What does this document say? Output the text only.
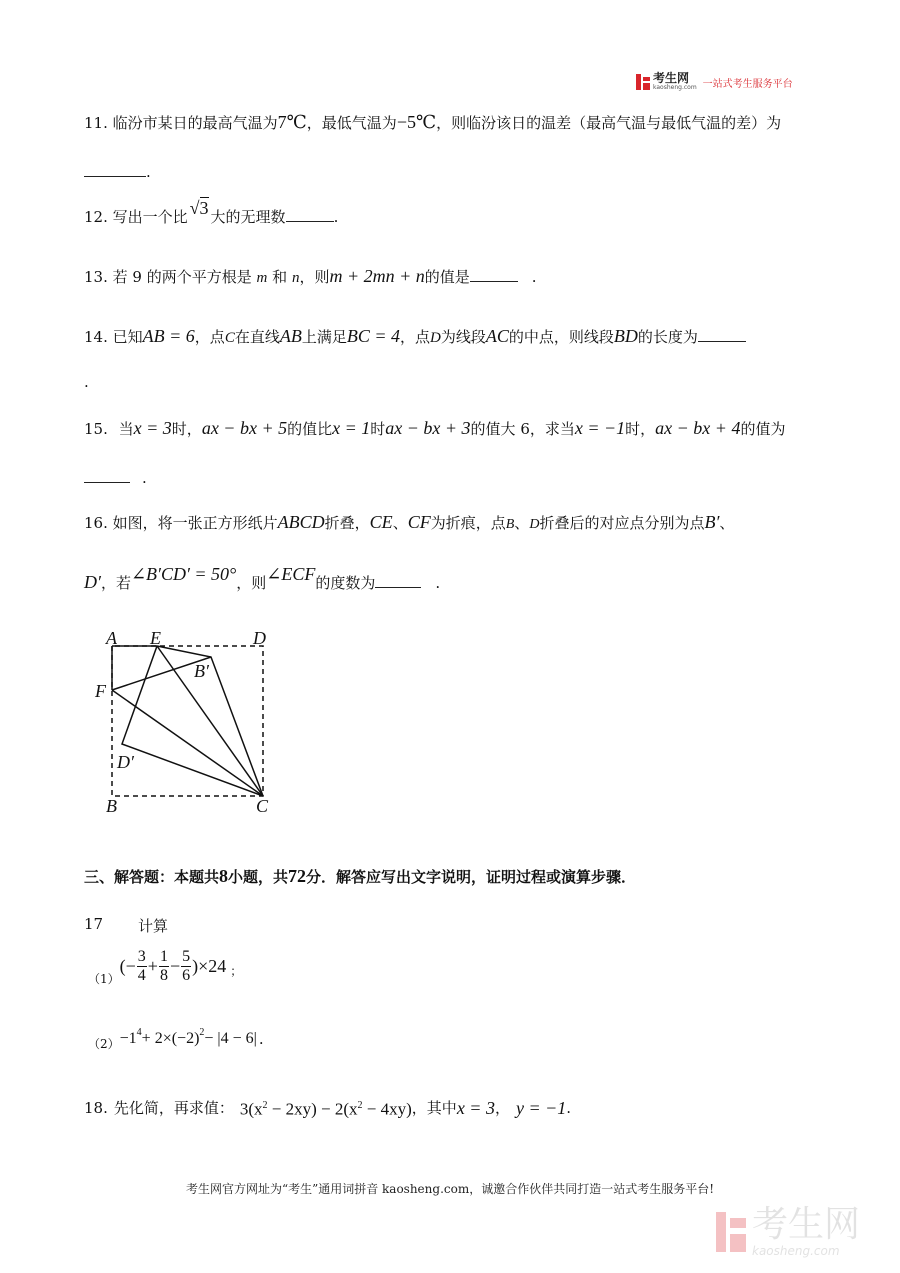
考生网
kaosheng.com 一站式考生服务平台
11. 临汾市某日的最高气温为7℃，最低气温为−5℃，则临汾该日的温差（最高气温与最低气温的差）为
.
12. 写出一个比 √3 大的无理数	.
13. 若 9 的两个平方根是 m 和 n，则m + 2mn + n的值是	.
14. 已知AB = 6，点C在直线AB上满足BC = 4，点D为线段AC的中点，则线段BD的长度为
.
15. 当x = 3时，ax − bx + 5的值比x = 1时ax − bx + 3的值大 6，求当x = −1时，ax − bx + 4的值为
.
16. 如图，将一张正方形纸片ABCD折叠，CE、CF为折痕，点B、D折叠后的对应点分别为点B′、
D′，若∠B′CD′ = 50°，则∠ECF的度数为	.
A E	D
B′
F
D′
B	C
三、解答题：本题共8小题，共72分．解答应写出文字说明，证明过程或演算步骤．
17 计算
（1）
(− $\frac{3}{4} + \frac{1}{8} - \frac{5}{6} )\times 24$ ；
$(2) -1^4 + 2\times(-2)^2 - |4 - 6|$ .
18. 先化简，再求值： $3(x^2 - 2xy) - 2(x^2 - 4xy)$ ，其中 x = 3 ， y = −1 .
考生网官方网址为“考生”通用词拼音 kaosheng.com，诚邀合作伙伴共同打造一站式考生服务平台!
考生网
kaosheng.com
